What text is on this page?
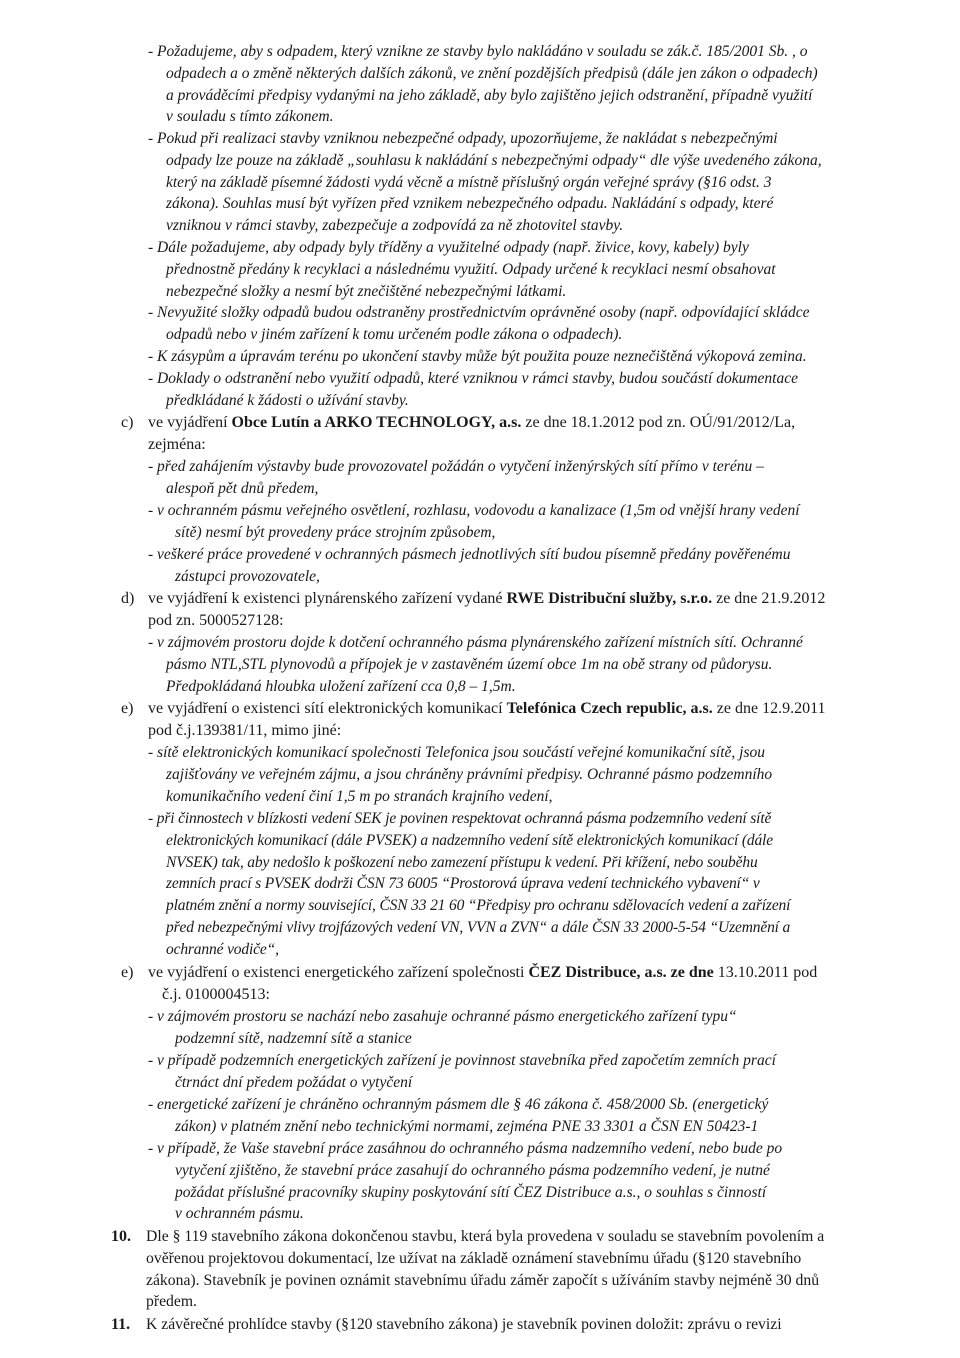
- Požadujeme, aby s odpadem, který vznikne ze stavby bylo nakládáno v souladu se zák.č. 185/2001 Sb. , o
odpadech a o změně některých dalších zákonů, ve znění pozdějších předpisů (dále jen zákon o odpadech)
a prováděcími předpisy vydanými na jeho základě, aby bylo zajištěno jejich odstranění, případně využití
v souladu s tímto zákonem.
- Pokud při realizaci stavby vzniknou nebezpečné odpady, upozorňujeme, že nakládat s nebezpečnými
odpady lze pouze na základě „souhlasu k nakládání s nebezpečnými odpady“ dle výše uvedeného zákona,
který na základě písemné žádosti vydá věcně a místně příslušný orgán veřejné správy (§16 odst. 3
zákona). Souhlas musí být vyřízen před vznikem nebezpečného odpadu. Nakládání s odpady, které
vzniknou v rámci stavby, zabezpečuje a zodpovídá za ně zhotovitel stavby.
- Dále požadujeme, aby odpady byly tříděny a využitelné odpady (např. živice, kovy, kabely) byly
přednostně předány k recyklaci a následnému využití. Odpady určené k recyklaci nesmí obsahovat
nebezpečné složky a nesmí být znečištěné nebezpečnými látkami.
- Nevyužité složky odpadů budou odstraněny prostřednictvím oprávněné osoby (např. odpovídající skládce
odpadů nebo v jiném zařízení k tomu určeném podle zákona o odpadech).
- K zásypům a úpravám terénu po ukončení stavby může být použita pouze neznečištěná výkopová zemina.
- Doklady o odstranění nebo využití odpadů, které vzniknou v rámci stavby, budou součástí dokumentace
předkládané k žádosti o užívání stavby.
c) ve vyjádření Obce Lutín a ARKO TECHNOLOGY, a.s. ze dne 18.1.2012 pod zn. OÚ/91/2012/La,
zejména:
- před zahájením výstavby bude provozovatel požádán o vytyčení inženýrských sítí přímo v terénu –
alespoň pět dnů předem,
- v ochranném pásmu veřejného osvětlení, rozhlasu, vodovodu a kanalizace (1,5m od vnější hrany vedení
sítě) nesmí být provedeny práce strojním způsobem,
- veškeré práce provedené v ochranných pásmech jednotlivých sítí budou písemně předány pověřenému
zástupci provozovatele,
d) ve vyjádření k existenci plynárenského zařízení vydané RWE Distribuční služby, s.r.o. ze dne 21.9.2012
pod zn. 5000527128:
- v zájmovém prostoru dojde k dotčení ochranného pásma plynárenského zařízení místních sítí. Ochranné
pásmo NTL,STL plynovodů a přípojek je v zastavěném území obce 1m na obě strany od půdorysu.
Předpokládaná hloubka uložení zařízení cca 0,8 – 1,5m.
e) ve vyjádření o existenci sítí elektronických komunikací Telefónica Czech republic, a.s. ze dne 12.9.2011
pod č.j.139381/11, mimo jiné:
- sítě elektronických komunikací společnosti Telefonica jsou součástí veřejné komunikační sítě, jsou
zajišťovány ve veřejném zájmu, a jsou chráněny právními předpisy. Ochranné pásmo podzemního
komunikačního vedení činí 1,5 m po stranách krajního vedení,
- při činnostech v blízkosti vedení SEK je povinen respektovat ochranná pásma podzemního vedení sítě
elektronických komunikací (dále PVSEK) a nadzemního vedení sítě elektronických komunikací (dále
NVSEK) tak, aby nedošlo k poškození nebo zamezení přístupu k vedení. Při křížení, nebo souběhu
zemních prací s PVSEK dodrži ČSN 73 6005 “Prostorová úprava vedení technického vybavení“ v
platném znění a normy související, ČSN 33 21 60 “Předpisy pro ochranu sdělovacích vedení a zařízení
před nebezpečnými vlivy trojfázových vedení VN, VVN a ZVN“ a dále ČSN 33 2000-5-54 “Uzemnění a
ochranné vodiče“,
e) ve vyjádření o existenci energetického zařízení společnosti ČEZ Distribuce, a.s. ze dne 13.10.2011 pod
č.j. 0100004513:
- v zájmovém prostoru se nachází nebo zasahuje ochranné pásmo energetického zařízení typu“
podzemní sítě, nadzemní sítě a stanice
- v případě podzemních energetických zařízení je povinnost stavebníka před započetím zemních prací
čtrnáct dní předem požádat o vytyčení
- energetické zařízení je chráněno ochranným pásmem dle § 46 zákona č. 458/2000 Sb. (energetický
zákon) v platném znění nebo technickými normami, zejména PNE 33 3301 a ČSN EN 50423-1
- v případě, že Vaše stavební práce zasáhnou do ochranného pásma nadzemního vedení, nebo bude po
vytyčení zjištěno, že stavební práce zasahují do ochranného pásma podzemního vedení, je nutné
požádat příslušné pracovníky skupiny poskytování sítí ČEZ Distribuce a.s., o souhlas s činností
v ochranném pásmu.
10. Dle § 119 stavebního zákona dokončenou stavbu, která byla provedena v souladu se stavebním povolením a
ověřenou projektovou dokumentací, lze užívat na základě oznámení stavebnímu úřadu (§120 stavebního
zákona). Stavebník je povinen oznámit stavebnímu úřadu záměr započít s užíváním stavby nejméně 30 dnů
předem.
11. K závěrečné prohlídce stavby (§120 stavebního zákona) je stavebník povinen doložit: zprávu o revizi
